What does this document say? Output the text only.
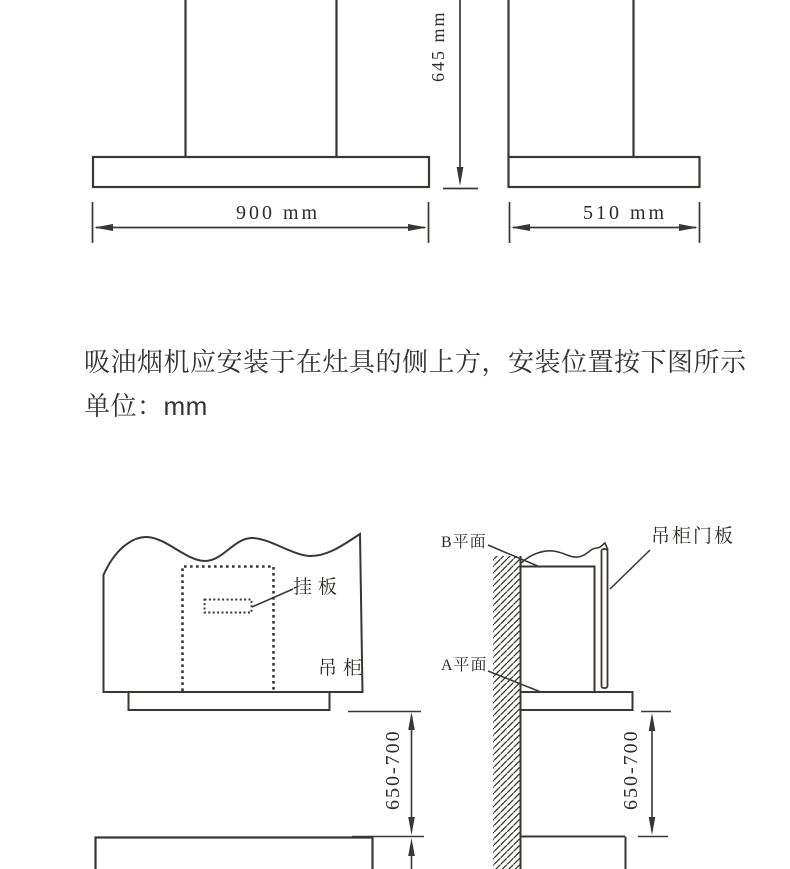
645 mm
900 mm	510 mm
吸油烟机应安装于在灶具的侧上方，安装位置按下图所示
单位：mm
挂板
吊柜
650-700
B平面
A平面
吊柜门板
650-700
